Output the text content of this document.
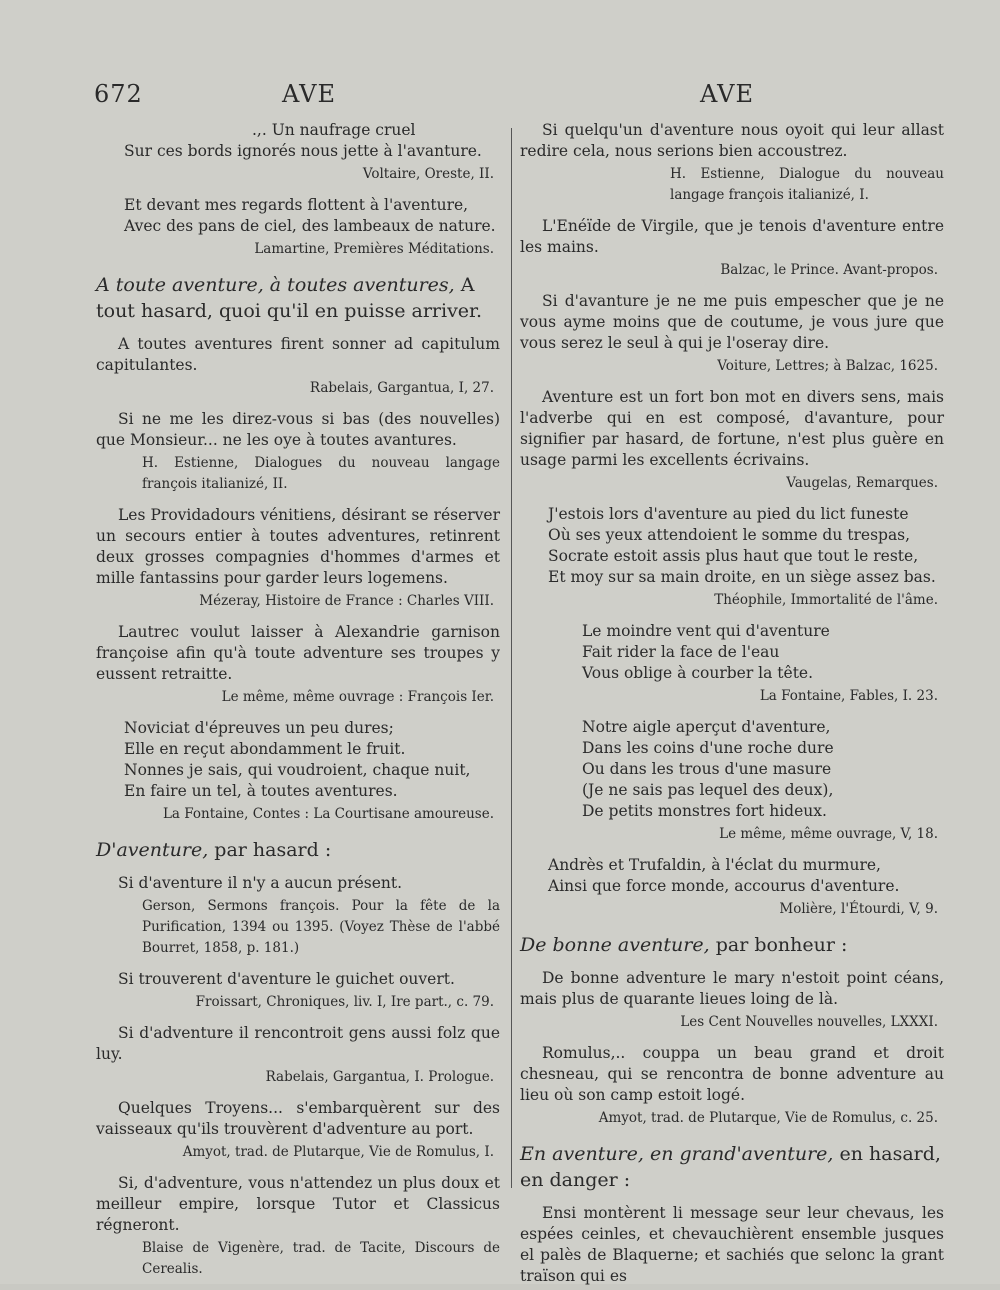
672	AVE	AVE

.,. Un naufrage cruel

Sur ces bords ignorés nous jette à l'avanture.

Voltaire, Oreste, II.

Et devant mes regards flottent à l'aventure,

Avec des pans de ciel, des lambeaux de nature.

Lamartine, Premières Méditations.

A toute aventure, à toutes aventures, A tout hasard, quoi qu'il en puisse arriver.

A toutes aventures firent sonner ad capitulum capitulantes.

Rabelais, Gargantua, I, 27.

Si ne me les direz-vous si bas (des nouvelles) que Monsieur... ne les oye à toutes avantures.

H. Estienne, Dialogues du nouveau langage françois italianizé, II.

Les Providadours vénitiens, désirant se réserver un secours entier à toutes adventures, retinrent deux grosses compagnies d'hommes d'armes et mille fantassins pour garder leurs logemens.

Mézeray, Histoire de France : Charles VIII.

Lautrec voulut laisser à Alexandrie garnison françoise afin qu'à toute adventure ses troupes y eussent retraitte.

Le même, même ouvrage : François Ier.

Noviciat d'épreuves un peu dures;

Elle en reçut abondamment le fruit.

Nonnes je sais, qui voudroient, chaque nuit,

En faire un tel, à toutes aventures.

La Fontaine, Contes : La Courtisane amoureuse.

D'aventure, par hasard :

Si d'aventure il n'y a aucun présent.

Gerson, Sermons françois. Pour la fête de la Purification, 1394 ou 1395. (Voyez Thèse de l'abbé Bourret, 1858, p. 181.)

Si trouverent d'aventure le guichet ouvert.

Froissart, Chroniques, liv. I, Ire part., c. 79.

Si d'adventure il rencontroit gens aussi folz que luy.

Rabelais, Gargantua, I. Prologue.

Quelques Troyens... s'embarquèrent sur des vaisseaux qu'ils trouvèrent d'adventure au port.

Amyot, trad. de Plutarque, Vie de Romulus, I.

Si, d'adventure, vous n'attendez un plus doux et meilleur empire, lorsque Tutor et Classicus régneront.

Blaise de Vigenère, trad. de Tacite, Discours de Cerealis.

Si quelqu'un d'aventure nous oyoit qui leur allast redire cela, nous serions bien accoustrez.

H. Estienne, Dialogue du nouveau langage françois italianizé, I.

L'Enéïde de Virgile, que je tenois d'aventure entre les mains.

Balzac, le Prince. Avant-propos.

Si d'avanture je ne me puis empescher que je ne vous ayme moins que de coutume, je vous jure que vous serez le seul à qui je l'oseray dire.

Voiture, Lettres; à Balzac, 1625.

Aventure est un fort bon mot en divers sens, mais l'adverbe qui en est composé, d'avanture, pour signifier par hasard, de fortune, n'est plus guère en usage parmi les excellents écrivains.

Vaugelas, Remarques.

J'estois lors d'aventure au pied du lict funeste

Où ses yeux attendoient le somme du trespas,

Socrate estoit assis plus haut que tout le reste,

Et moy sur sa main droite, en un siège assez bas.

Théophile, Immortalité de l'âme.

Le moindre vent qui d'aventure

Fait rider la face de l'eau

Vous oblige à courber la tête.

La Fontaine, Fables, I. 23.

Notre aigle aperçut d'aventure,

Dans les coins d'une roche dure

Ou dans les trous d'une masure

(Je ne sais pas lequel des deux),

De petits monstres fort hideux.

Le même, même ouvrage, V, 18.

Andrès et Trufaldin, à l'éclat du murmure,

Ainsi que force monde, accourus d'aventure.

Molière, l'Étourdi, V, 9.

De bonne aventure, par bonheur :

De bonne adventure le mary n'estoit point céans, mais plus de quarante lieues loing de là.

Les Cent Nouvelles nouvelles, LXXXI.

Romulus,.. couppa un beau grand et droit chesneau, qui se rencontra de bonne adventure au lieu où son camp estoit logé.

Amyot, trad. de Plutarque, Vie de Romulus, c. 25.

En aventure, en grand'aventure, en hasard, en danger :

Ensi montèrent li message seur leur chevaus, les espées ceinles, et chevauchièrent ensemble jusques el palès de Blaquerne; et sachiés que selonc la grant traïson qui es
